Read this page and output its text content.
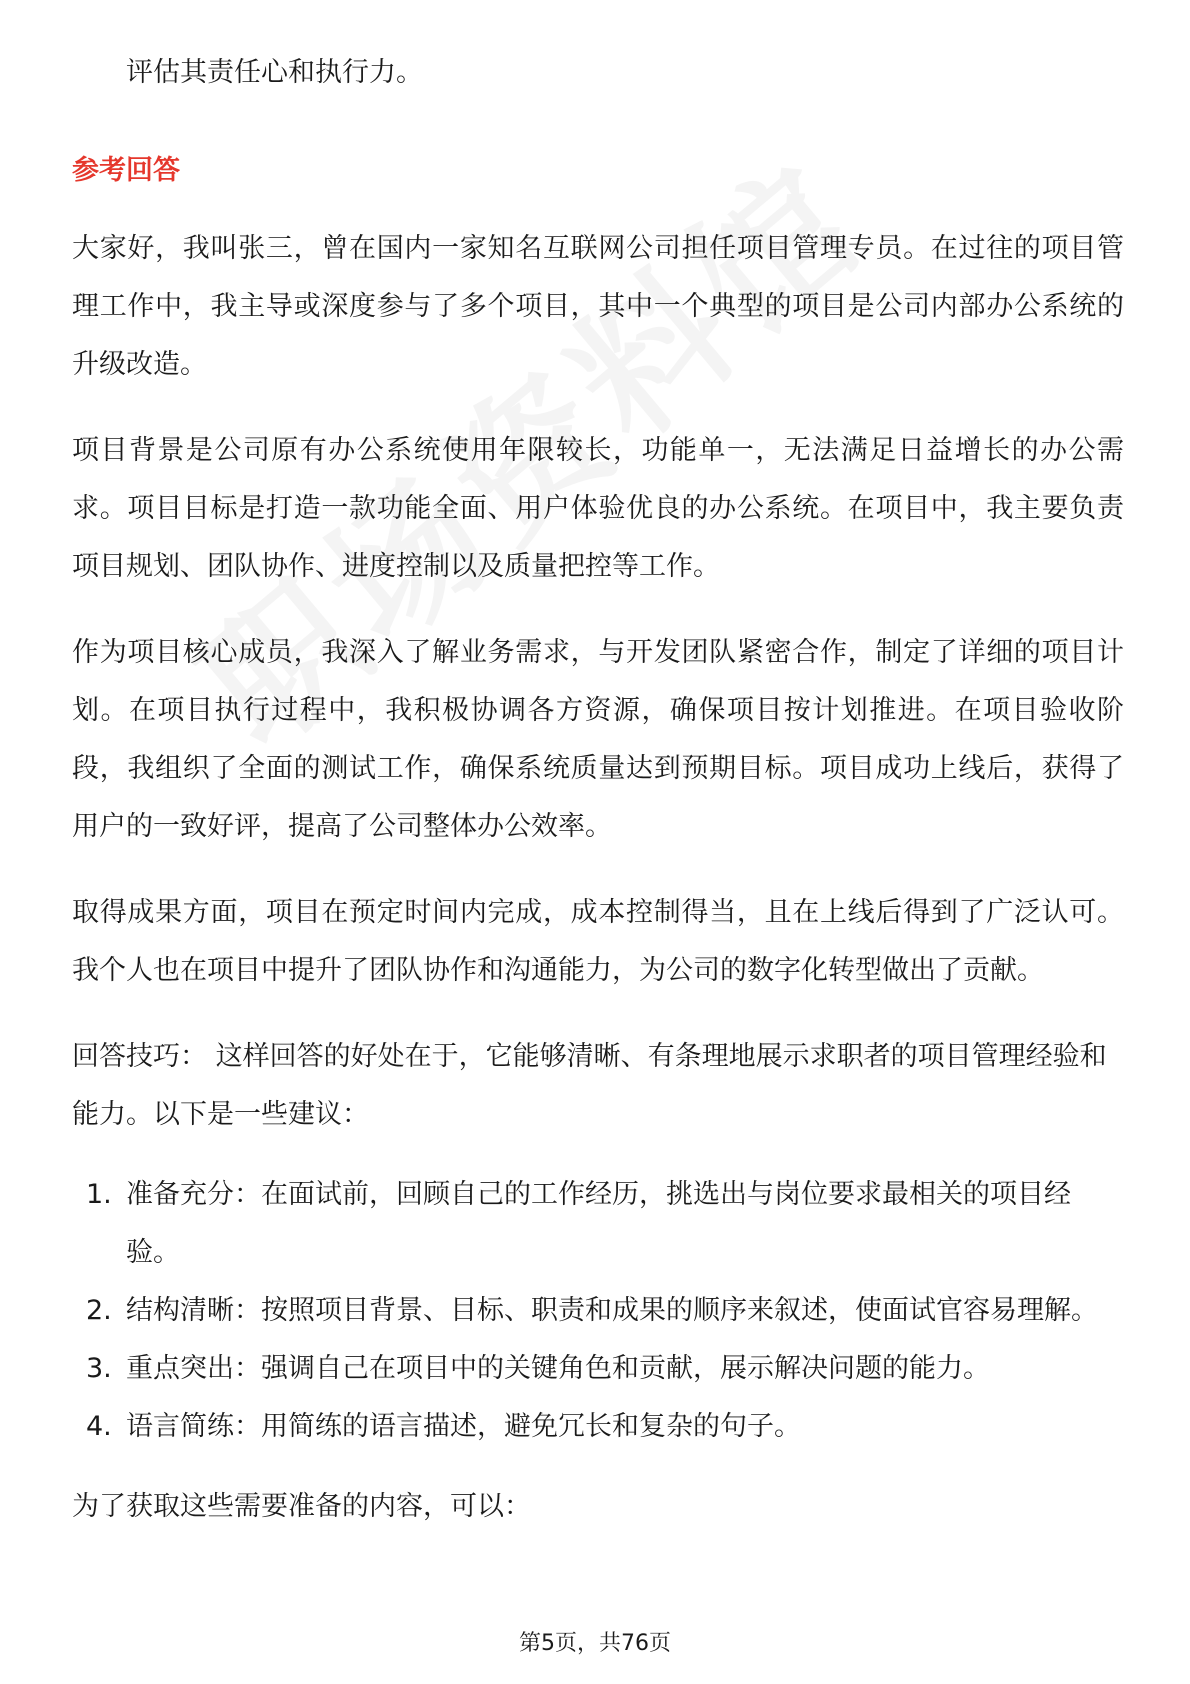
评估其责任心和执行力。

参考回答

大家好，我叫张三，曾在国内一家知名互联网公司担任项目管理专员。在过往的项目管理工作中，我主导或深度参与了多个项目，其中一个典型的项目是公司内部办公系统的升级改造。

项目背景是公司原有办公系统使用年限较长，功能单一，无法满足日益增长的办公需求。项目目标是打造一款功能全面、用户体验优良的办公系统。在项目中，我主要负责项目规划、团队协作、进度控制以及质量把控等工作。

作为项目核心成员，我深入了解业务需求，与开发团队紧密合作，制定了详细的项目计划。在项目执行过程中，我积极协调各方资源，确保项目按计划推进。在项目验收阶段，我组织了全面的测试工作，确保系统质量达到预期目标。项目成功上线后，获得了用户的一致好评，提高了公司整体办公效率。

取得成果方面，项目在预定时间内完成，成本控制得当，且在上线后得到了广泛认可。我个人也在项目中提升了团队协作和沟通能力，为公司的数字化转型做出了贡献。

回答技巧： 这样回答的好处在于，它能够清晰、有条理地展示求职者的项目管理经验和能力。以下是一些建议：

1. 准备充分：在面试前，回顾自己的工作经历，挑选出与岗位要求最相关的项目经验。
2. 结构清晰：按照项目背景、目标、职责和成果的顺序来叙述，使面试官容易理解。
3. 重点突出：强调自己在项目中的关键角色和贡献，展示解决问题的能力。
4. 语言简练：用简练的语言描述，避免冗长和复杂的句子。

为了获取这些需要准备的内容，可以：

第5页，共76页
